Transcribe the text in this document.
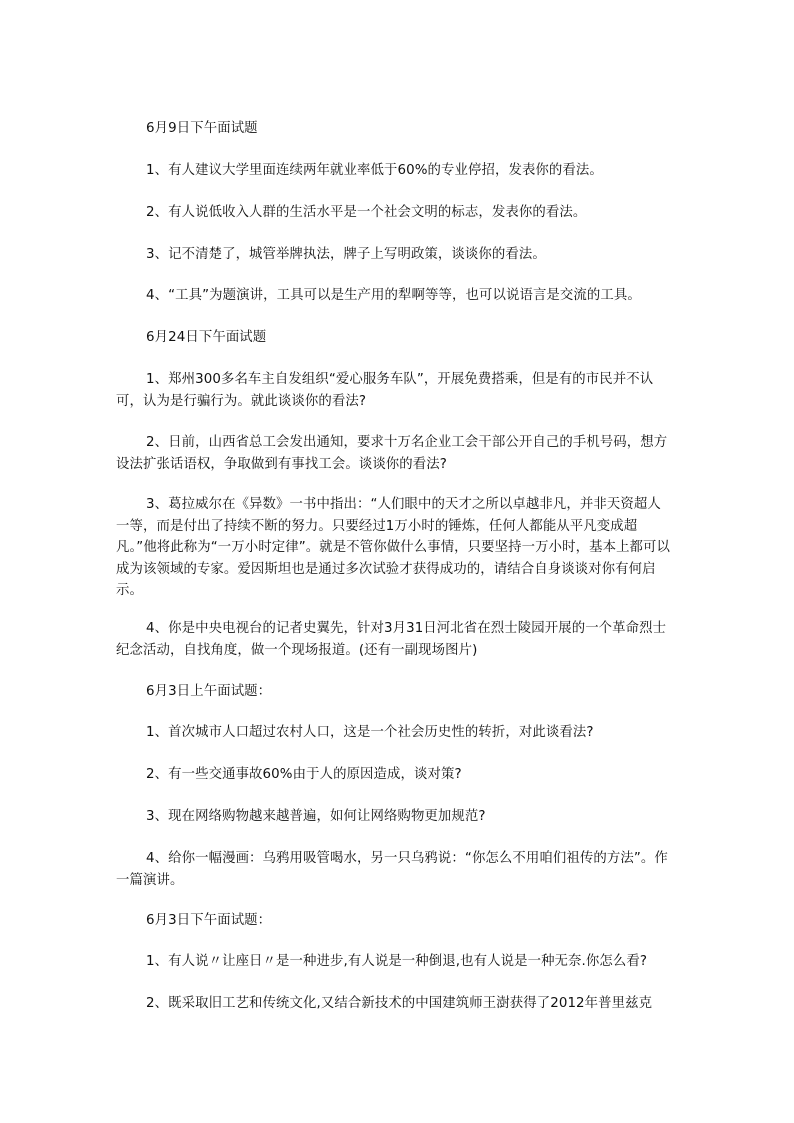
6月9日下午面试题

1、有人建议大学里面连续两年就业率低于60%的专业停招，发表你的看法。

2、有人说低收入人群的生活水平是一个社会文明的标志，发表你的看法。

3、记不清楚了，城管举牌执法，牌子上写明政策，谈谈你的看法。

4、“工具”为题演讲，工具可以是生产用的犁啊等等，也可以说语言是交流的工具。

6月24日下午面试题

1、郑州300多名车主自发组织“爱心服务车队”，开展免费搭乘，但是有的市民并不认可，认为是行骗行为。就此谈谈你的看法?

2、日前，山西省总工会发出通知，要求十万名企业工会干部公开自己的手机号码，想方设法扩张话语权，争取做到有事找工会。谈谈你的看法?

3、葛拉威尔在《异数》一书中指出：“人们眼中的天才之所以卓越非凡，并非天资超人一等，而是付出了持续不断的努力。只要经过1万小时的锤炼，任何人都能从平凡变成超凡。”他将此称为“一万小时定律”。就是不管你做什么事情，只要坚持一万小时，基本上都可以成为该领域的专家。爱因斯坦也是通过多次试验才获得成功的，请结合自身谈谈对你有何启示。

4、你是中央电视台的记者史翼先，针对3月31日河北省在烈士陵园开展的一个革命烈士纪念活动，自找角度，做一个现场报道。(还有一副现场图片)

6月3日上午面试题：

1、首次城市人口超过农村人口，这是一个社会历史性的转折，对此谈看法?

2、有一些交通事故60%由于人的原因造成，谈对策?

3、现在网络购物越来越普遍，如何让网络购物更加规范?

4、给你一幅漫画：乌鸦用吸管喝水，另一只乌鸦说：“你怎么不用咱们祖传的方法”。作一篇演讲。

6月3日下午面试题：

1、有人说〃让座日〃是一种进步,有人说是一种倒退,也有人说是一种无奈.你怎么看?

2、既采取旧工艺和传统文化,又结合新技术的中国建筑师王澍获得了2012年普里兹克
